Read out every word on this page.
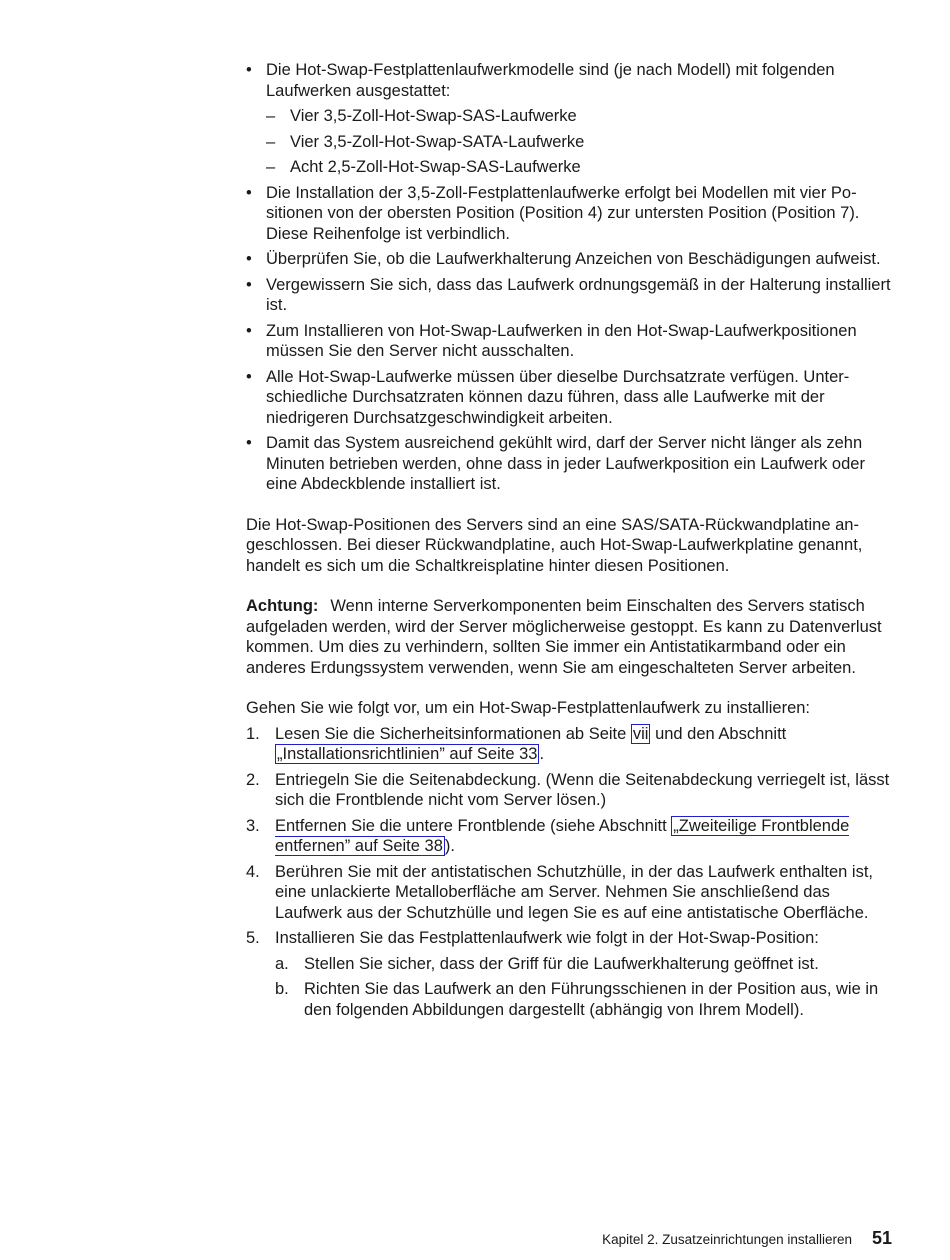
• Die Hot-Swap-Festplattenlaufwerkmodelle sind (je nach Modell) mit folgenden Laufwerken ausgestattet:
– Vier 3,5-Zoll-Hot-Swap-SAS-Laufwerke
– Vier 3,5-Zoll-Hot-Swap-SATA-Laufwerke
– Acht 2,5-Zoll-Hot-Swap-SAS-Laufwerke
• Die Installation der 3,5-Zoll-Festplattenlaufwerke erfolgt bei Modellen mit vier Positionen von der obersten Position (Position 4) zur untersten Position (Position 7). Diese Reihenfolge ist verbindlich.
• Überprüfen Sie, ob die Laufwerkhalterung Anzeichen von Beschädigungen aufweist.
• Vergewissern Sie sich, dass das Laufwerk ordnungsgemäß in der Halterung installiert ist.
• Zum Installieren von Hot-Swap-Laufwerken in den Hot-Swap-Laufwerkpositionen müssen Sie den Server nicht ausschalten.
• Alle Hot-Swap-Laufwerke müssen über dieselbe Durchsatzrate verfügen. Unterschiedliche Durchsatzraten können dazu führen, dass alle Laufwerke mit der niedrigeren Durchsatzgeschwindigkeit arbeiten.
• Damit das System ausreichend gekühlt wird, darf der Server nicht länger als zehn Minuten betrieben werden, ohne dass in jeder Laufwerkposition ein Laufwerk oder eine Abdeckblende installiert ist.

Die Hot-Swap-Positionen des Servers sind an eine SAS/SATA-Rückwandplatine angeschlossen. Bei dieser Rückwandplatine, auch Hot-Swap-Laufwerkplatine genannt, handelt es sich um die Schaltkreisplatine hinter diesen Positionen.

Achtung: Wenn interne Serverkomponenten beim Einschalten des Servers statisch aufgeladen werden, wird der Server möglicherweise gestoppt. Es kann zu Datenverlust kommen. Um dies zu verhindern, sollten Sie immer ein Antistatikarmband oder ein anderes Erdungssystem verwenden, wenn Sie am eingeschalteten Server arbeiten.

Gehen Sie wie folgt vor, um ein Hot-Swap-Festplattenlaufwerk zu installieren:

1. Lesen Sie die Sicherheitsinformationen ab Seite vii und den Abschnitt „Installationsrichtlinien” auf Seite 33 .
2. Entriegeln Sie die Seitenabdeckung. (Wenn die Seitenabdeckung verriegelt ist, lässt sich die Frontblende nicht vom Server lösen.)
3. Entfernen Sie die untere Frontblende (siehe Abschnitt „Zweiteilige Frontblende entfernen” auf Seite 38 ).
4. Berühren Sie mit der antistatischen Schutzhülle, in der das Laufwerk enthalten ist, eine unlackierte Metalloberfläche am Server. Nehmen Sie anschließend das Laufwerk aus der Schutzhülle und legen Sie es auf eine antistatische Oberfläche.
5. Installieren Sie das Festplattenlaufwerk wie folgt in der Hot-Swap-Position:
a. Stellen Sie sicher, dass der Griff für die Laufwerkhalterung geöffnet ist.
b. Richten Sie das Laufwerk an den Führungsschienen in der Position aus, wie in den folgenden Abbildungen dargestellt (abhängig von Ihrem Modell).
Kapitel 2. Zusatzeinrichtungen installieren 51
